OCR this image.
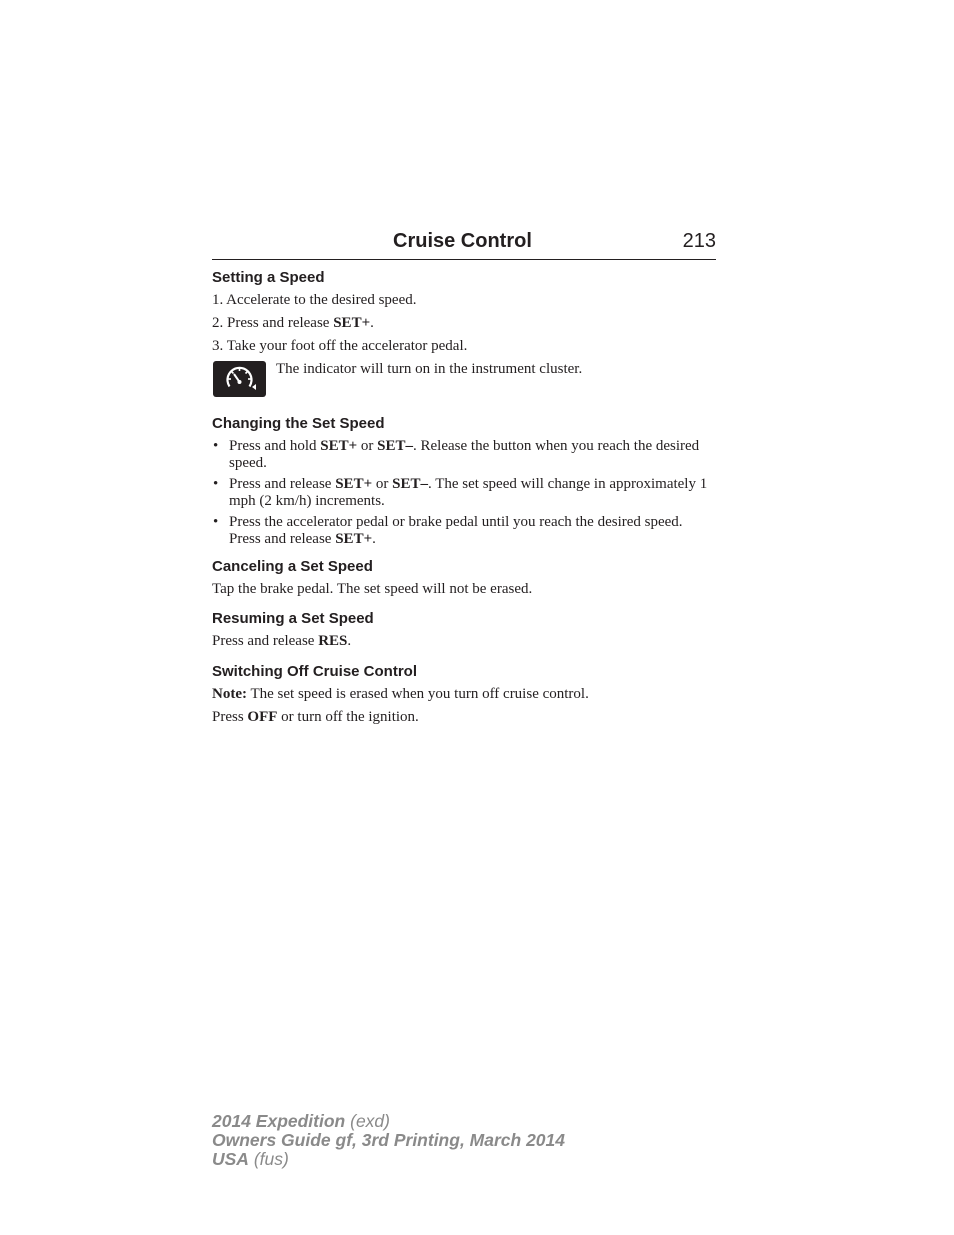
Cruise Control	213
Setting a Speed
1. Accelerate to the desired speed.
2. Press and release SET+.
3. Take your foot off the accelerator pedal.
The indicator will turn on in the instrument cluster.
Changing the Set Speed
• Press and hold SET+ or SET–. Release the button when you reach the desired speed.
• Press and release SET+ or SET–. The set speed will change in approximately 1 mph (2 km/h) increments.
• Press the accelerator pedal or brake pedal until you reach the desired speed. Press and release SET+.
Canceling a Set Speed

Tap the brake pedal. The set speed will not be erased.

Resuming a Set Speed

Press and release RES.

Switching Off Cruise Control

Note: The set speed is erased when you turn off cruise control.

Press OFF or turn off the ignition.

2014 Expedition (exd)
Owners Guide gf, 3rd Printing, March 2014
USA (fus)
